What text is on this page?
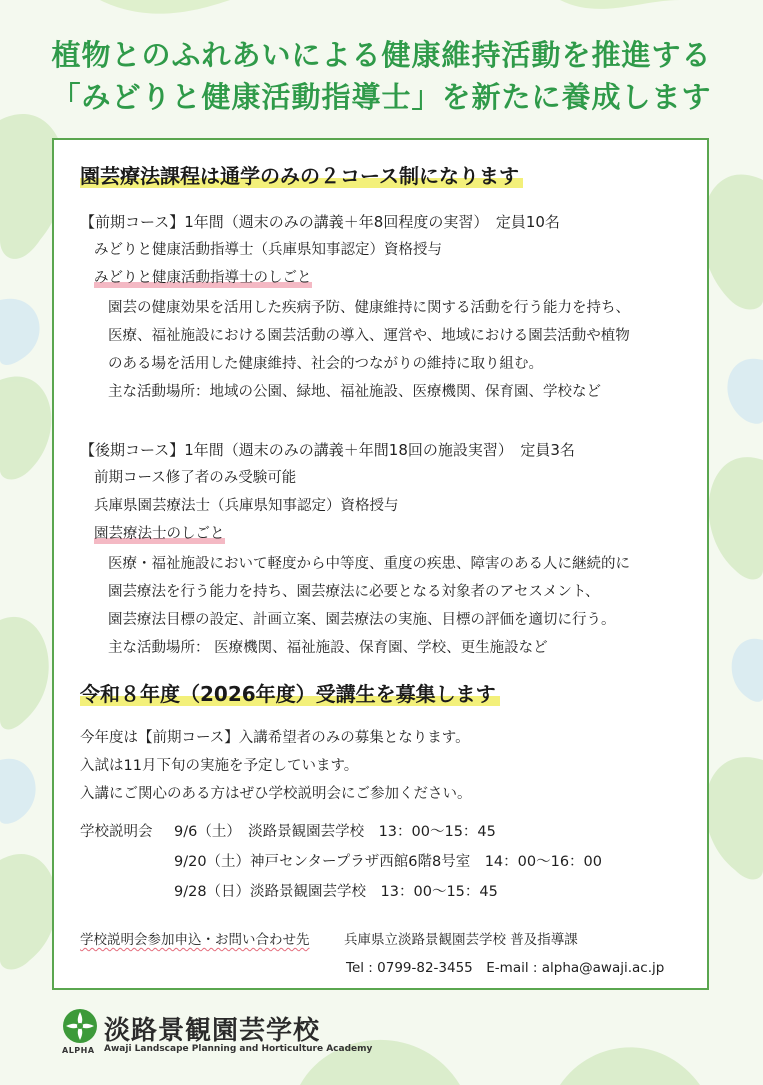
植物とのふれあいによる健康維持活動を推進する
「みどりと健康活動指導士」を新たに養成します
園芸療法課程は通学のみの２コース制になります
【前期コース】1年間（週末のみの講義＋年8回程度の実習）　定員10名
みどりと健康活動指導士（兵庫県知事認定）資格授与
みどりと健康活動指導士のしごと
園芸の健康効果を活用した疾病予防、健康維持に関する活動を行う能力を持ち、
医療、福祉施設における園芸活動の導入、運営や、地域における園芸活動や植物
のある場を活用した健康維持、社会的つながりの維持に取り組む。
主な活動場所：地域の公園、緑地、福祉施設、医療機関、保育園、学校など
【後期コース】1年間（週末のみの講義＋年間18回の施設実習）　定員3名
前期コース修了者のみ受験可能
兵庫県園芸療法士（兵庫県知事認定）資格授与
園芸療法士のしごと
医療・福祉施設において軽度から中等度、重度の疾患、障害のある人に継続的に
園芸療法を行う能力を持ち、園芸療法に必要となる対象者のアセスメント、
園芸療法目標の設定、計画立案、園芸療法の実施、目標の評価を適切に行う。
主な活動場所： 医療機関、福祉施設、保育園、学校、更生施設など
令和８年度（2026年度）受講生を募集します
今年度は【前期コース】入講希望者のみの募集となります。
入試は11月下旬の実施を予定しています。
入講にご関心のある方はぜひ学校説明会にご参加ください。
学校説明会 9/6（土）　淡路景観園芸学校　13：00〜15：45
9/20（土）神戸センタープラザ西館6階8号室　14：00〜16：00
9/28（日）淡路景観園芸学校　13：00〜15：45
学校説明会参加申込・お問い合わせ先	兵庫県立淡路景観園芸学校 普及指導課
Tel : 0799-82-3455　E-mail : alpha@awaji.ac.jp
ALPHA
淡路景観園芸学校
Awaji Landscape Planning and Horticulture Academy
